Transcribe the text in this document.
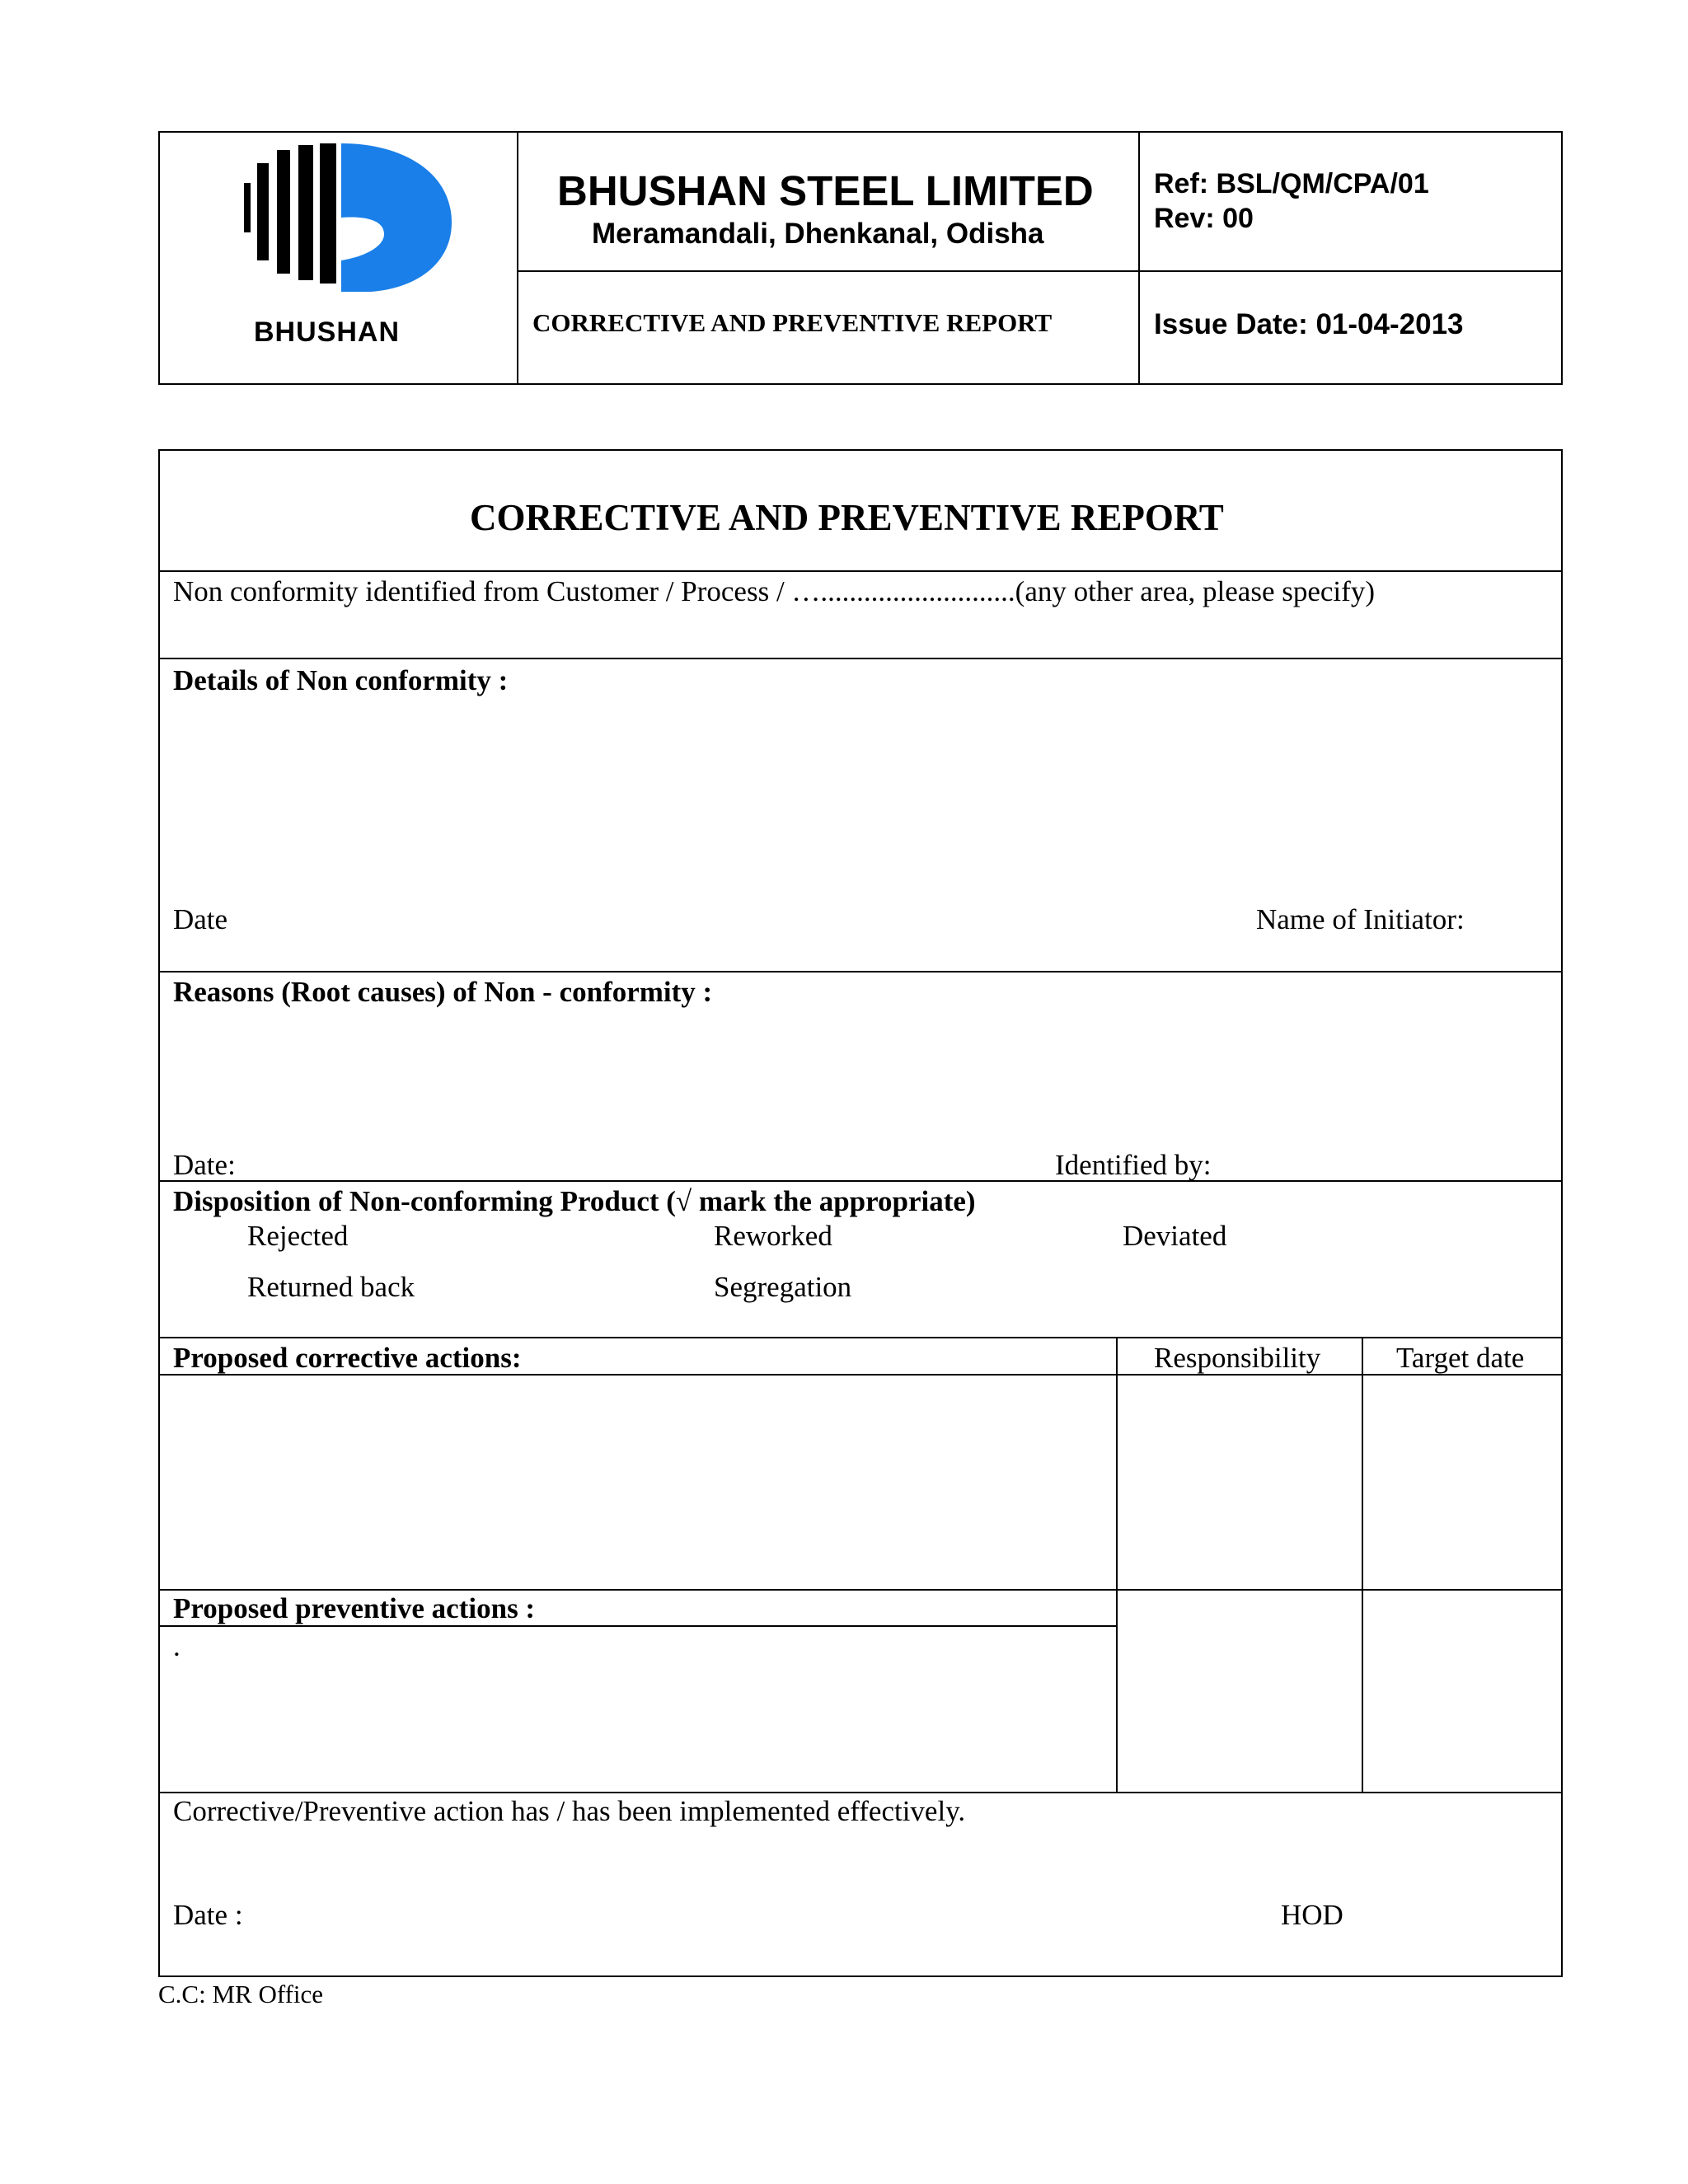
BHUSHAN
BHUSHAN STEEL LIMITED
Meramandali, Dhenkanal, Odisha
CORRECTIVE AND PREVENTIVE REPORT
Ref: BSL/QM/CPA/01
Rev: 00
Issue Date: 01-04-2013
CORRECTIVE AND PREVENTIVE REPORT
Non conformity identified from Customer / Process / …...........................(any other area, please specify)
Details of Non conformity :
Date	Name of Initiator:
Reasons (Root causes) of Non - conformity :
Date:	Identified by:
Disposition of Non-conforming Product (√ mark the appropriate)
Rejected	Reworked	Deviated
Returned back	Segregation
Proposed corrective actions:	Responsibility	Target date
Proposed preventive actions :
.
Corrective/Preventive action has / has been implemented effectively.
Date :	HOD
C.C: MR Office
